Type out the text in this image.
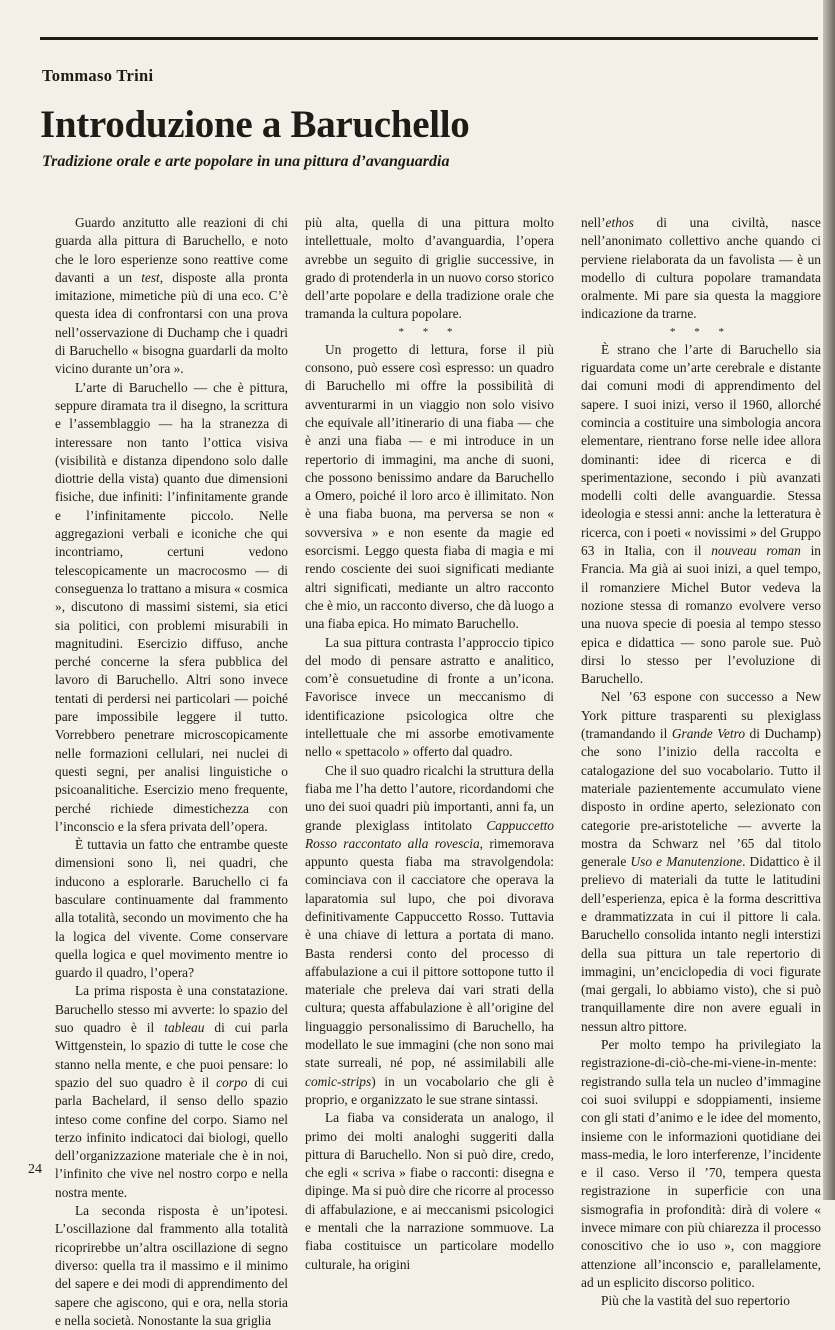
Tommaso Trini
Introduzione a Baruchello
Tradizione orale e arte popolare in una pittura d’avanguardia

Guardo anzitutto alle reazioni di chi guarda alla pittura di Baruchello, e noto che le loro esperienze sono reattive come davanti a un test, disposte alla pronta imitazione, mimetiche più di una eco. C’è questa idea di confrontarsi con una prova nell’osservazione di Duchamp che i quadri di Baruchello « bisogna guardarli da molto vicino durante un’ora ».

L’arte di Baruchello — che è pittura, seppure diramata tra il disegno, la scrittura e l’assemblaggio — ha la stranezza di interessare non tanto l’ottica visiva (visibilità e distanza dipendono solo dalle diottrie della vista) quanto due dimensioni fisiche, due infiniti: l’infinitamente grande e l’infinitamente piccolo. Nelle aggregazioni verbali e iconiche che qui incontriamo, certuni vedono telescopicamente un macrocosmo — di conseguenza lo trattano a misura « cosmica », discutono di massimi sistemi, sia etici sia politici, con problemi misurabili in magnitudini. Esercizio diffuso, anche perché concerne la sfera pubblica del lavoro di Baruchello. Altri sono invece tentati di perdersi nei particolari — poiché pare impossibile leggere il tutto. Vorrebbero penetrare microscopicamente nelle formazioni cellulari, nei nuclei di questi segni, per analisi linguistiche o psicoanalitiche. Esercizio meno frequente, perché richiede dimestichezza con l’inconscio e la sfera privata dell’opera.

È tuttavia un fatto che entrambe queste dimensioni sono lì, nei quadri, che inducono a esplorarle. Baruchello ci fa basculare continuamente dal frammento alla totalità, secondo un movimento che ha la logica del vivente. Come conservare quella logica e quel movimento mentre io guardo il quadro, l’opera?

La prima risposta è una constatazione. Baruchello stesso mi avverte: lo spazio del suo quadro è il tableau di cui parla Wittgenstein, lo spazio di tutte le cose che stanno nella mente, e che puoi pensare: lo spazio del suo quadro è il corpo di cui parla Bachelard, il senso dello spazio inteso come confine del corpo. Siamo nel terzo infinito indicatoci dai biologi, quello dell’organizzazione materiale che è in noi, l’infinito che vive nel nostro corpo e nella nostra mente.

La seconda risposta è un’ipotesi. L’oscillazione dal frammento alla totalità ricoprirebbe un’altra oscillazione di segno diverso: quella tra il massimo e il minimo del sapere e dei modi di apprendimento del sapere che agiscono, qui e ora, nella storia e nella società. Nonostante la sua griglia

più alta, quella di una pittura molto intellettuale, molto d’avanguardia, l’opera avrebbe un seguito di griglie successive, in grado di protenderla in un nuovo corso storico dell’arte popolare e della tradizione orale che tramanda la cultura popolare.

* * *

Un progetto di lettura, forse il più consono, può essere così espresso: un quadro di Baruchello mi offre la possibilità di avventurarmi in un viaggio non solo visivo che equivale all’itinerario di una fiaba — che è anzi una fiaba — e mi introduce in un repertorio di immagini, ma anche di suoni, che possono benissimo andare da Baruchello a Omero, poiché il loro arco è illimitato. Non è una fiaba buona, ma perversa se non « sovversiva » e non esente da magie ed esorcismi. Leggo questa fiaba di magia e mi rendo cosciente dei suoi significati mediante altri significati, mediante un altro racconto che è mio, un racconto diverso, che dà luogo a una fiaba epica. Ho mimato Baruchello.

La sua pittura contrasta l’approccio tipico del modo di pensare astratto e analitico, com’è consuetudine di fronte a un’icona. Favorisce invece un meccanismo di identificazione psicologica oltre che intellettuale che mi assorbe emotivamente nello « spettacolo » offerto dal quadro.

Che il suo quadro ricalchi la struttura della fiaba me l’ha detto l’autore, ricordandomi che uno dei suoi quadri più importanti, anni fa, un grande plexiglass intitolato Cappuccetto Rosso raccontato alla rovescia, rimemorava appunto questa fiaba ma stravolgendola: cominciava con il cacciatore che operava la laparatomia sul lupo, che poi divorava definitivamente Cappuccetto Rosso. Tuttavia è una chiave di lettura a portata di mano. Basta rendersi conto del processo di affabulazione a cui il pittore sottopone tutto il materiale che preleva dai vari strati della cultura; questa affabulazione è all’origine del linguaggio personalissimo di Baruchello, ha modellato le sue immagini (che non sono mai state surreali, né pop, né assimilabili alle comic-strips) in un vocabolario che gli è proprio, e organizzato le sue strane sintassi.

La fiaba va considerata un analogo, il primo dei molti analoghi suggeriti dalla pittura di Baruchello. Non si può dire, credo, che egli « scriva » fiabe o racconti: disegna e dipinge. Ma si può dire che ricorre al processo di affabulazione, e ai meccanismi psicologici e mentali che la narrazione sommuove. La fiaba costituisce un particolare modello culturale, ha origini

nell’ethos di una civiltà, nasce nell’anonimato collettivo anche quando ci perviene rielaborata da un favolista — è un modello di cultura popolare tramandata oralmente. Mi pare sia questa la maggiore indicazione da trarne.

* * *

È strano che l’arte di Baruchello sia riguardata come un’arte cerebrale e distante dai comuni modi di apprendimento del sapere. I suoi inizi, verso il 1960, allorché comincia a costituire una simbologia ancora elementare, rientrano forse nelle idee allora dominanti: idee di ricerca e di sperimentazione, secondo i più avanzati modelli colti delle avanguardie. Stessa ideologia e stessi anni: anche la letteratura è ricerca, con i poeti « novissimi » del Gruppo 63 in Italia, con il nouveau roman in Francia. Ma già ai suoi inizi, a quel tempo, il romanziere Michel Butor vedeva la nozione stessa di romanzo evolvere verso una nuova specie di poesia al tempo stesso epica e didattica — sono parole sue. Può dirsi lo stesso per l’evoluzione di Baruchello.

Nel ’63 espone con successo a New York pitture trasparenti su plexiglass (tramandando il Grande Vetro di Duchamp) che sono l’inizio della raccolta e catalogazione del suo vocabolario. Tutto il materiale pazientemente accumulato viene disposto in ordine aperto, selezionato con categorie pre-aristoteliche — avverte la mostra da Schwarz nel ’65 dal titolo generale Uso e Manutenzione. Didattico è il prelievo di materiali da tutte le latitudini dell’esperienza, epica è la forma descrittiva e drammatizzata in cui il pittore li cala. Baruchello consolida intanto negli interstizi della sua pittura un tale repertorio di immagini, un’enciclopedia di voci figurate (mai gergali, lo abbiamo visto), che si può tranquillamente dire non avere eguali in nessun altro pittore.

Per molto tempo ha privilegiato la registrazione-di-ciò-che-mi-viene-in-mente: registrando sulla tela un nucleo d’immagine coi suoi sviluppi e sdoppiamenti, insieme con gli stati d’animo e le idee del momento, insieme con le informazioni quotidiane dei mass-media, le loro interferenze, l’incidente e il caso. Verso il ’70, tempera questa registrazione in superficie con una sismografia in profondità: dirà di volere « invece mimare con più chiarezza il processo conoscitivo che io uso », con maggiore attenzione all’inconscio e, parallelamente, ad un esplicito discorso politico.

Più che la vastità del suo repertorio

24
